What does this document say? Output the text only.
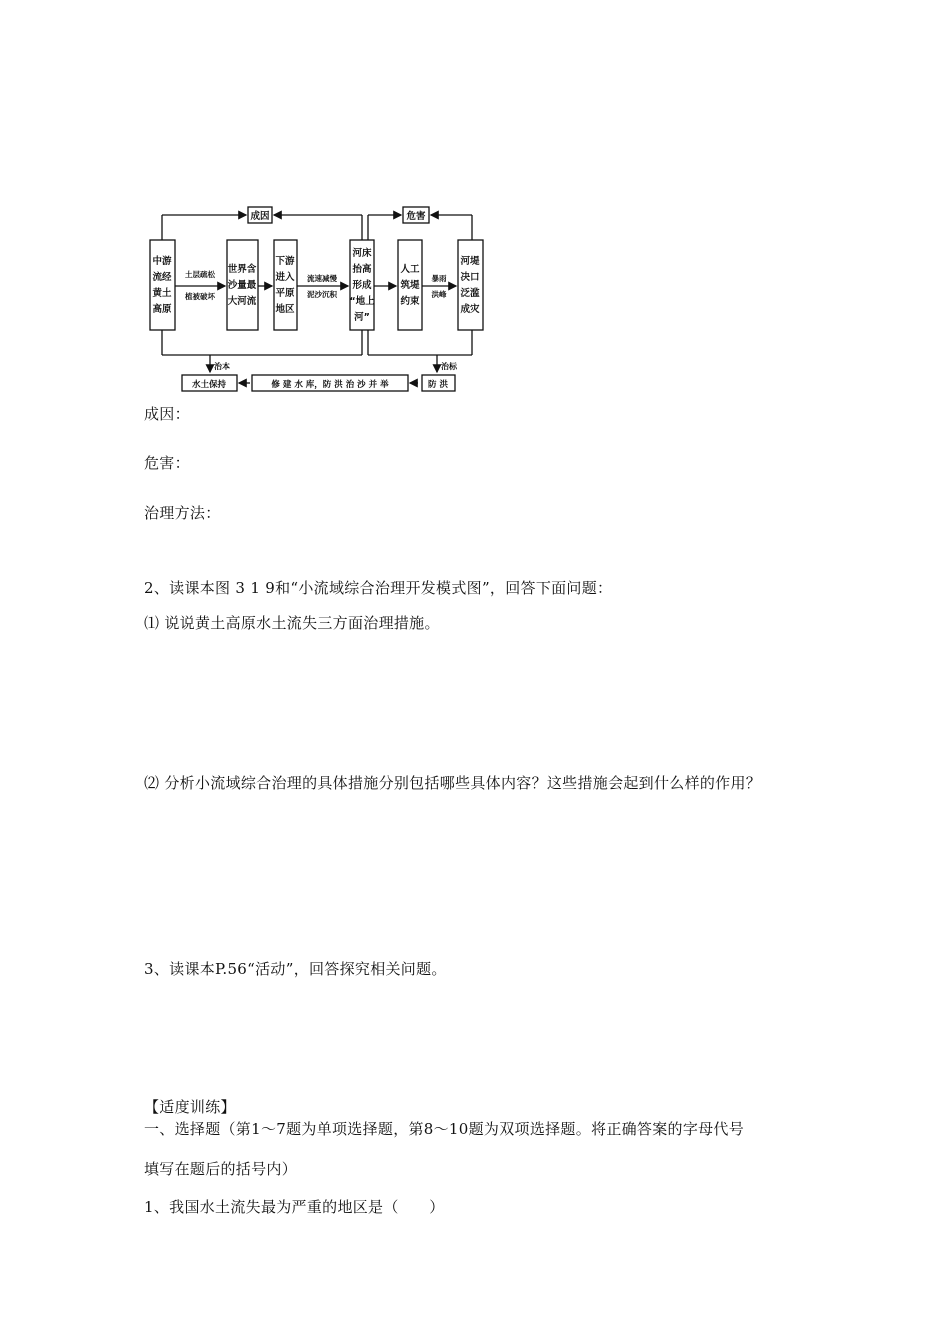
中游
流经
黄土
高原
世界含
沙量最
大河流
下游
进入
平原
地区
河床
抬高
形成
“地上
河”
人工
筑堤
约束
河堤
决口
泛滥
成灾
成因	危害
土层疏松
植被破坏
流速减慢
泥沙沉积
暴雨
洪峰
治本	治标
水土保持	修 建 水 库，防 洪 治 沙 并 举	防 洪
成因：
危害：
治理方法：
2、读课本图 3 1 9和“小流域综合治理开发模式图”，回答下面问题：
⑴ 说说黄土高原水土流失三方面治理措施。
⑵ 分析小流域综合治理的具体措施分别包括哪些具体内容？这些措施会起到什么样的作用？
3、读课本P.56“活动”，回答探究相关问题。
【适度训练】
一、选择题（第1～7题为单项选择题，第8～10题为双项选择题。将正确答案的字母代号
填写在题后的括号内）
1、我国水土流失最为严重的地区是（　　）
